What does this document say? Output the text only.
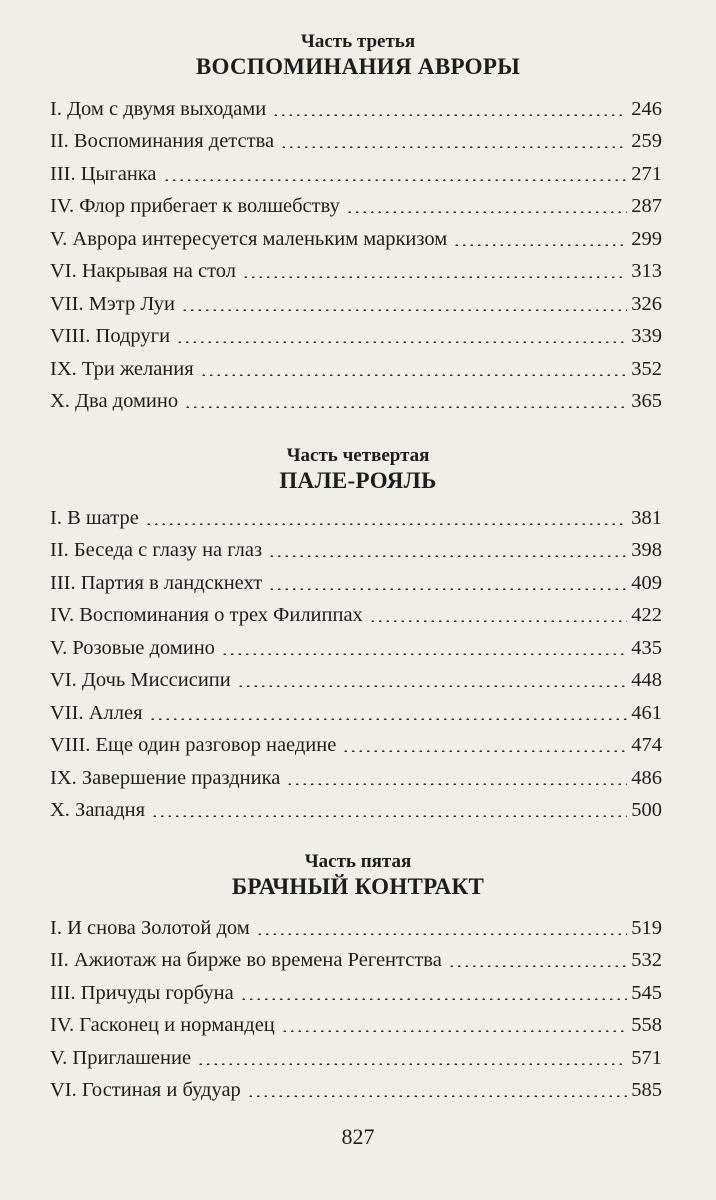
Часть третья
ВОСПОМИНАНИЯ АВРОРЫ
I. Дом с двумя выходами	246
II. Воспоминания детства	259
III. Цыганка	271
IV. Флор прибегает к волшебству	287
V. Аврора интересуется маленьким маркизом	299
VI. Накрывая на стол	313
VII. Мэтр Луи	326
VIII. Подруги	339
IX. Три желания	352
X. Два домино	365
Часть четвертая
ПАЛЕ-РОЯЛЬ
I. В шатре	381
II. Беседа с глазу на глаз	398
III. Партия в ландскнехт	409
IV. Воспоминания о трех Филиппах	422
V. Розовые домино	435
VI. Дочь Миссисипи	448
VII. Аллея	461
VIII. Еще один разговор наедине	474
IX. Завершение праздника	486
X. Западня	500
Часть пятая
БРАЧНЫЙ КОНТРАКТ
I. И снова Золотой дом	519
II. Ажиотаж на бирже во времена Регентства	532
III. Причуды горбуна	545
IV. Гасконец и нормандец	558
V. Приглашение	571
VI. Гостиная и будуар	585
827
